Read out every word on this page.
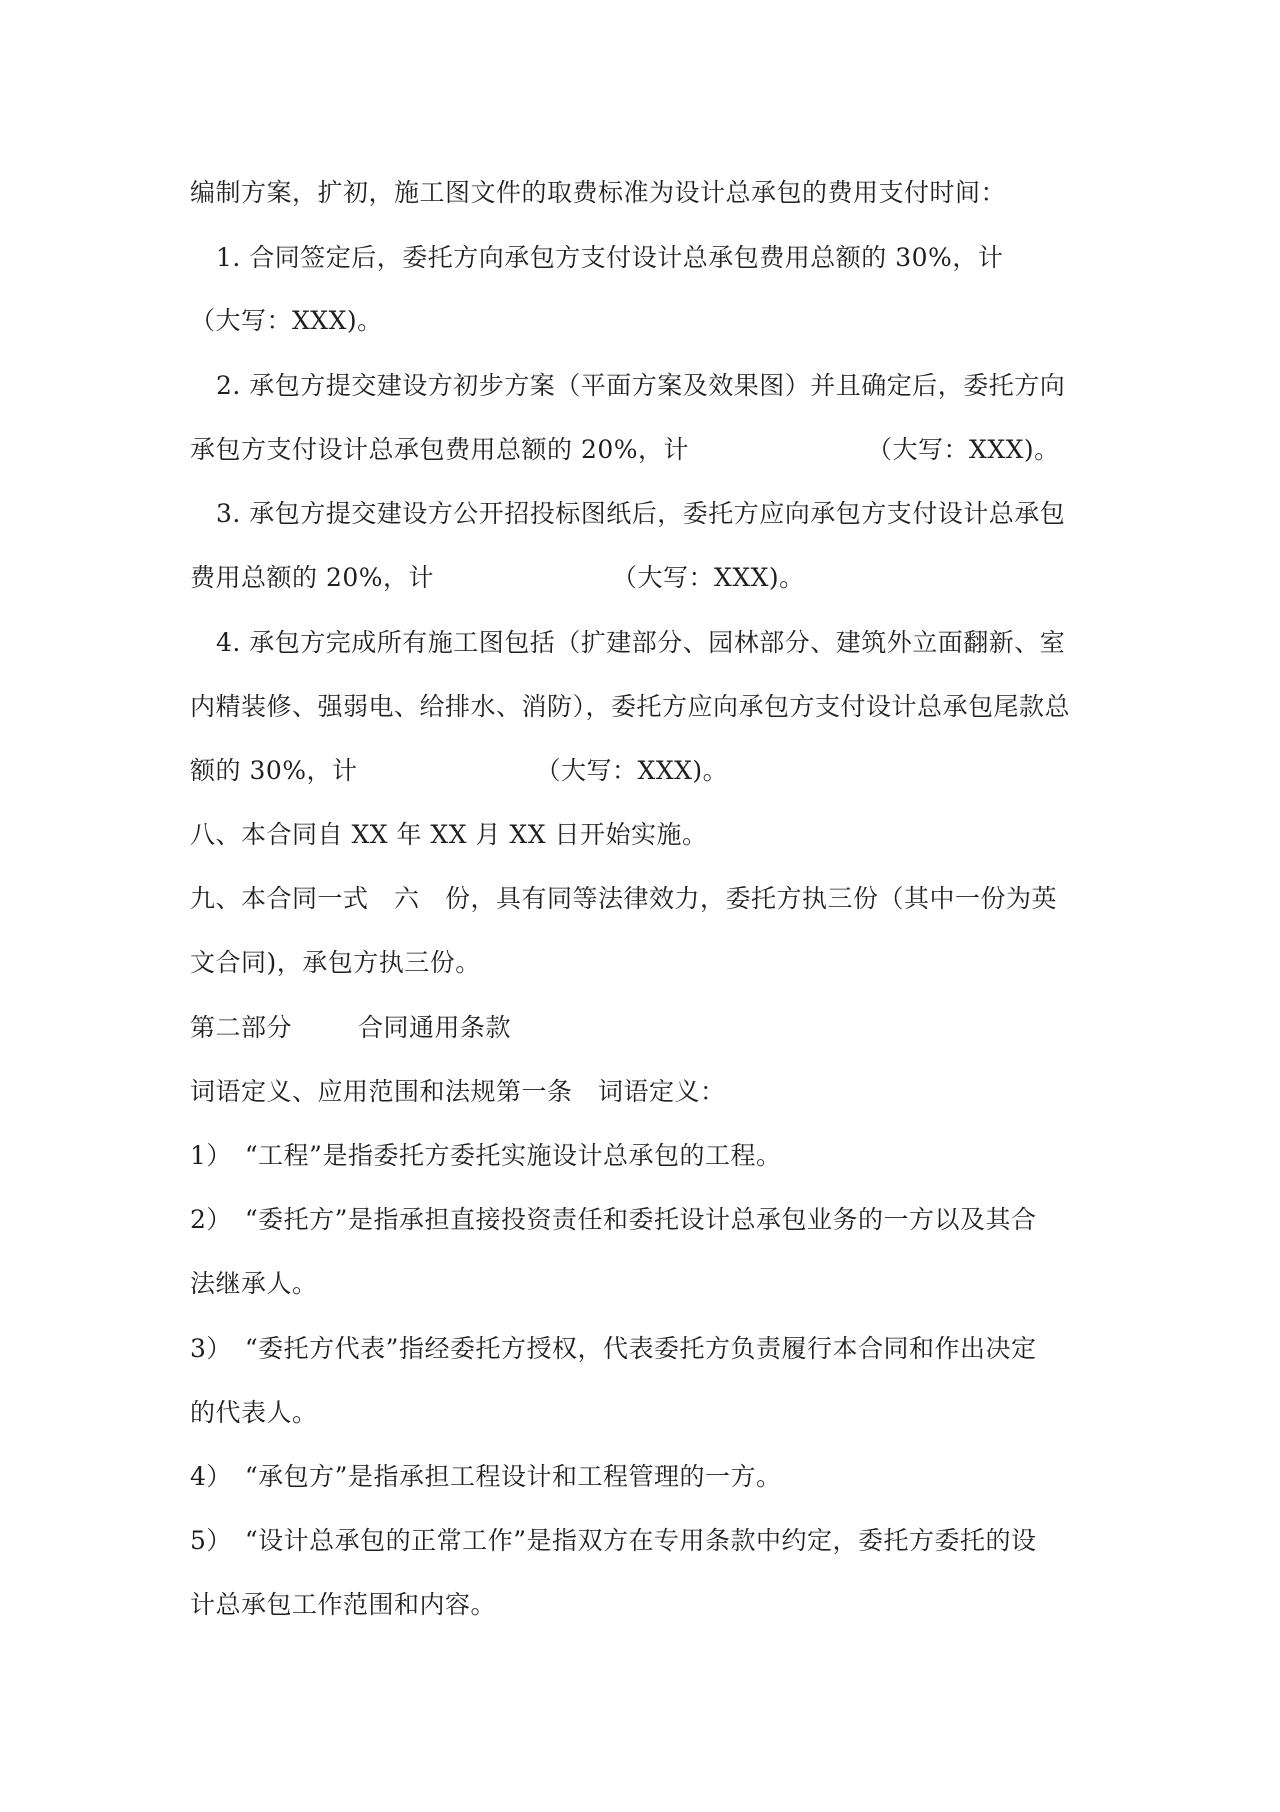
编制方案，扩初，施工图文件的取费标准为设计总承包的费用支付时间：
1. 合同签定后，委托方向承包方支付设计总承包费用总额的 30%，计
（大写：XXX)。
2. 承包方提交建设方初步方案（平面方案及效果图）并且确定后，委托方向
承包方支付设计总承包费用总额的 20%，计	（大写：XXX)。
3. 承包方提交建设方公开招投标图纸后，委托方应向承包方支付设计总承包
费用总额的 20%，计	（大写：XXX)。
4. 承包方完成所有施工图包括（扩建部分、园林部分、建筑外立面翻新、室
内精装修、强弱电、给排水、消防），委托方应向承包方支付设计总承包尾款总
额的 30%，计	（大写：XXX)。
八、本合同自 XX 年 XX 月 XX 日开始实施。
九、本合同一式　六　份，具有同等法律效力，委托方执三份（其中一份为英
文合同)，承包方执三份。
第二部分	合同通用条款
词语定义、应用范围和法规第一条　词语定义：
1）　“工程”是指委托方委托实施设计总承包的工程。
2）　“委托方”是指承担直接投资责任和委托设计总承包业务的一方以及其合
法继承人。
3）　“委托方代表”指经委托方授权，代表委托方负责履行本合同和作出决定
的代表人。
4）　“承包方”是指承担工程设计和工程管理的一方。
5）　“设计总承包的正常工作”是指双方在专用条款中约定，委托方委托的设
计总承包工作范围和内容。
